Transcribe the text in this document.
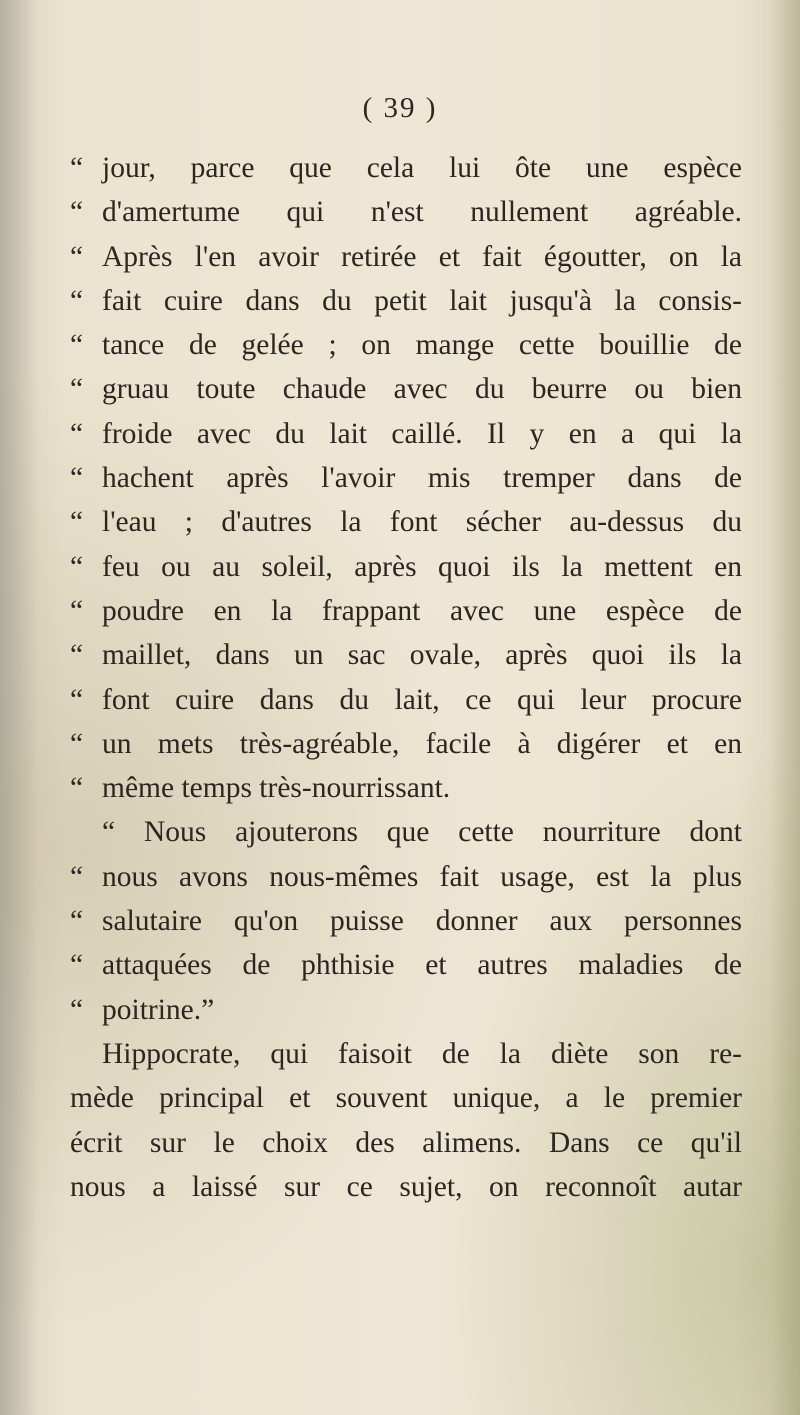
( 39 )
“ jour, parce que cela lui ôte une espèce
“ d'amertume qui n'est nullement agréable.
“ Après l'en avoir retirée et fait égoutter, on la
“ fait cuire dans du petit lait jusqu'à la consis-
“ tance de gelée ; on mange cette bouillie de
“ gruau toute chaude avec du beurre ou bien
“ froide avec du lait caillé. Il y en a qui la
“ hachent après l'avoir mis tremper dans de
“ l'eau ; d'autres la font sécher au-dessus du
“ feu ou au soleil, après quoi ils la mettent en
“ poudre en la frappant avec une espèce de
“ maillet, dans un sac ovale, après quoi ils la
“ font cuire dans du lait, ce qui leur procure
“ un mets très-agréable, facile à digérer et en
“ même temps très-nourrissant.
“ Nous ajouterons que cette nourriture dont
“ nous avons nous-mêmes fait usage, est la plus
“ salutaire qu'on puisse donner aux personnes
“ attaquées de phthisie et autres maladies de
“ poitrine.”
Hippocrate, qui faisoit de la diète son re-
mède principal et souvent unique, a le premier
écrit sur le choix des alimens. Dans ce qu'il
nous a laissé sur ce sujet, on reconnoît autar
